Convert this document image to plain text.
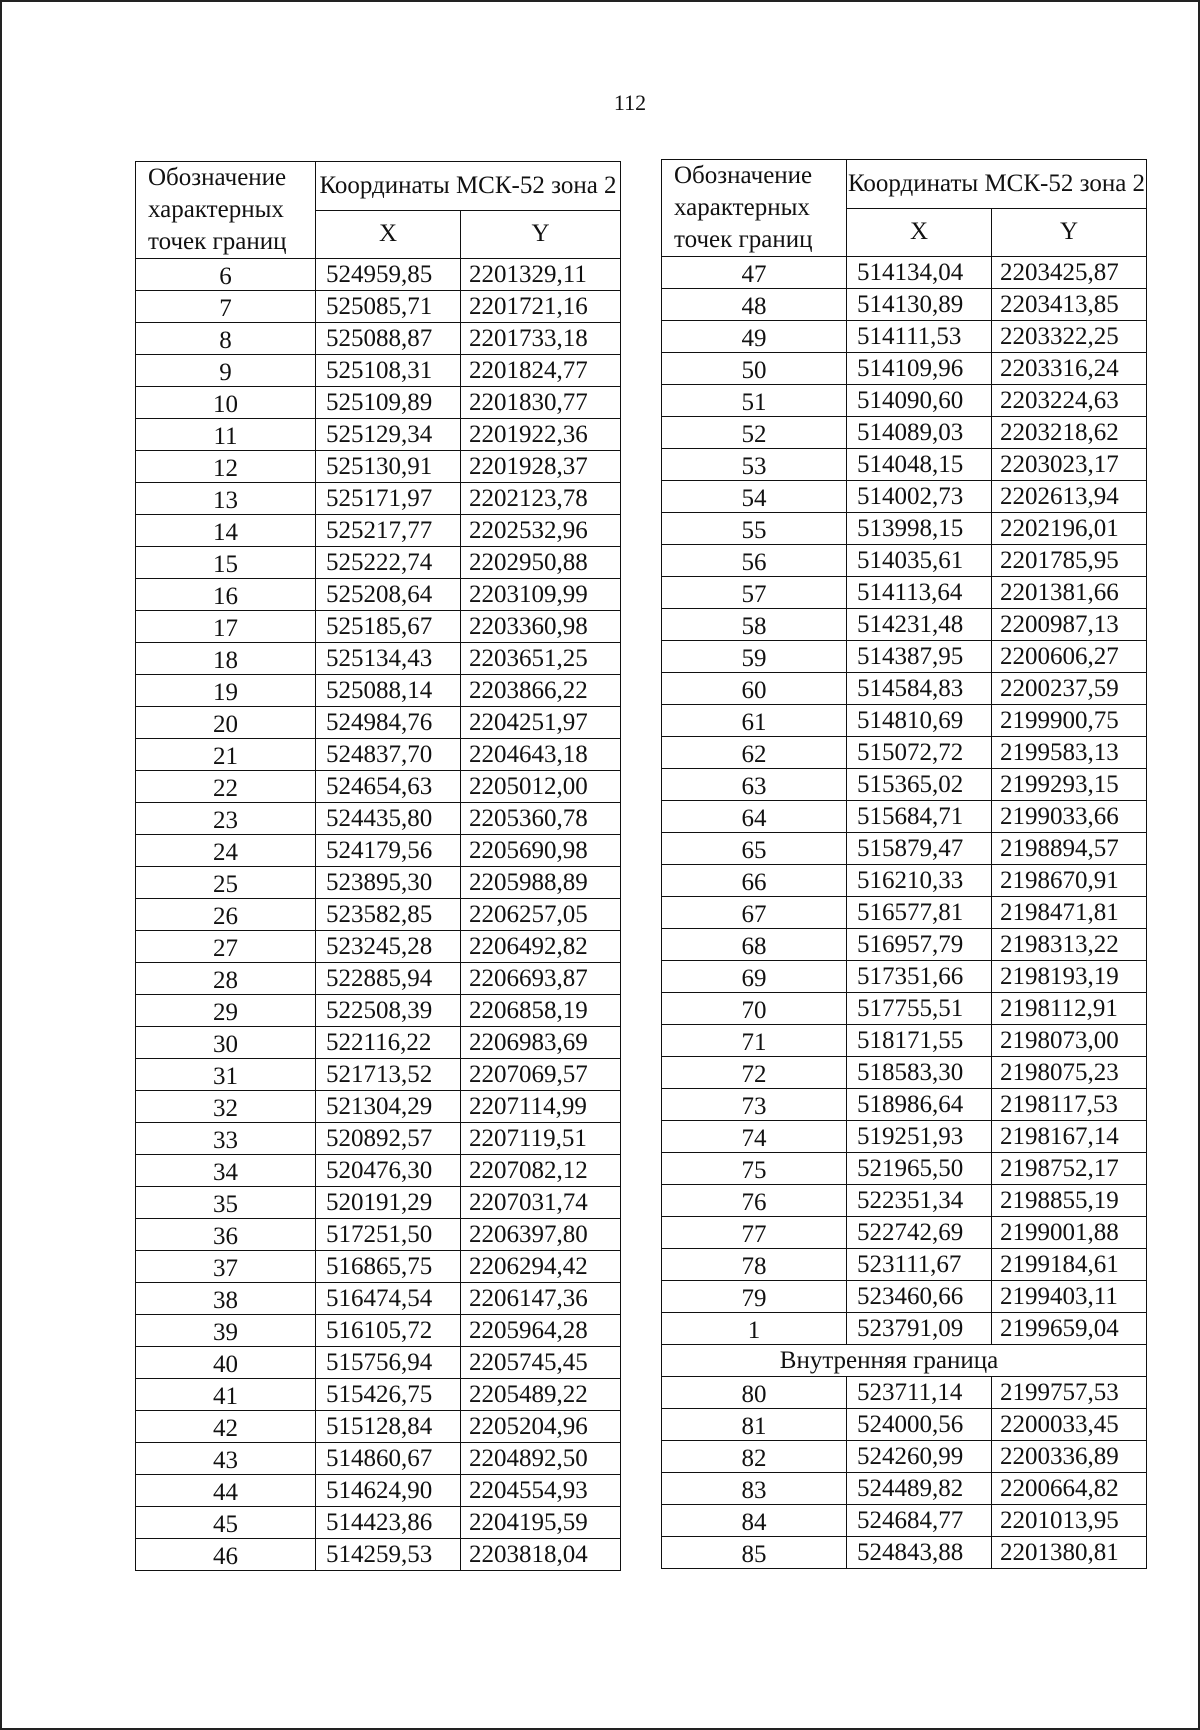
112
Обозначение характерных точек границ	Координаты МСК-52 зона 2	
	X	Y
6	524959,85	2201329,11
7	525085,71	2201721,16
8	525088,87	2201733,18
9	525108,31	2201824,77
10	525109,89	2201830,77
11	525129,34	2201922,36
12	525130,91	2201928,37
13	525171,97	2202123,78
14	525217,77	2202532,96
15	525222,74	2202950,88
16	525208,64	2203109,99
17	525185,67	2203360,98
18	525134,43	2203651,25
19	525088,14	2203866,22
20	524984,76	2204251,97
21	524837,70	2204643,18
22	524654,63	2205012,00
23	524435,80	2205360,78
24	524179,56	2205690,98
25	523895,30	2205988,89
26	523582,85	2206257,05
27	523245,28	2206492,82
28	522885,94	2206693,87
29	522508,39	2206858,19
30	522116,22	2206983,69
31	521713,52	2207069,57
32	521304,29	2207114,99
33	520892,57	2207119,51
34	520476,30	2207082,12
35	520191,29	2207031,74
36	517251,50	2206397,80
37	516865,75	2206294,42
38	516474,54	2206147,36
39	516105,72	2205964,28
40	515756,94	2205745,45
41	515426,75	2205489,22
42	515128,84	2205204,96
43	514860,67	2204892,50
44	514624,90	2204554,93
45	514423,86	2204195,59
46	514259,53	2203818,04
Обозначение характерных точек границ	Координаты МСК-52 зона 2	
	X	Y
47	514134,04	2203425,87
48	514130,89	2203413,85
49	514111,53	2203322,25
50	514109,96	2203316,24
51	514090,60	2203224,63
52	514089,03	2203218,62
53	514048,15	2203023,17
54	514002,73	2202613,94
55	513998,15	2202196,01
56	514035,61	2201785,95
57	514113,64	2201381,66
58	514231,48	2200987,13
59	514387,95	2200606,27
60	514584,83	2200237,59
61	514810,69	2199900,75
62	515072,72	2199583,13
63	515365,02	2199293,15
64	515684,71	2199033,66
65	515879,47	2198894,57
66	516210,33	2198670,91
67	516577,81	2198471,81
68	516957,79	2198313,22
69	517351,66	2198193,19
70	517755,51	2198112,91
71	518171,55	2198073,00
72	518583,30	2198075,23
73	518986,64	2198117,53
74	519251,93	2198167,14
75	521965,50	2198752,17
76	522351,34	2198855,19
77	522742,69	2199001,88
78	523111,67	2199184,61
79	523460,66	2199403,11
1	523791,09	2199659,04
Внутренняя граница		
80	523711,14	2199757,53
81	524000,56	2200033,45
82	524260,99	2200336,89
83	524489,82	2200664,82
84	524684,77	2201013,95
85	524843,88	2201380,81
